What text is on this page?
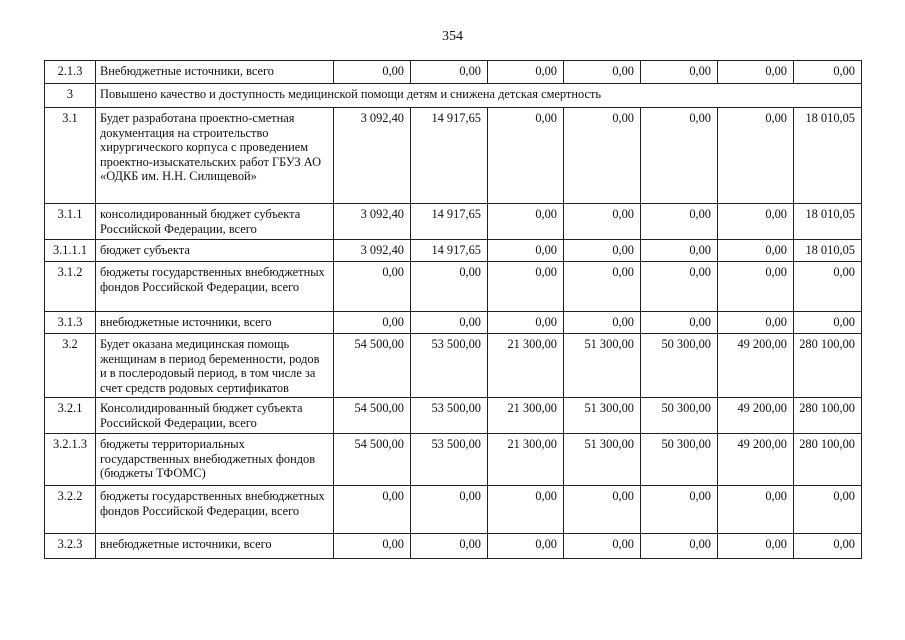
354
2.1.3	Внебюджетные источники, всего	0,00	0,00	0,00	0,00	0,00	0,00	0,00
3	Повышено качество и доступность медицинской помощи детям и снижена детская смертность							
3.1	Будет разработана проектно-сметная документация на строительство хирургического корпуса с проведением проектно-изыскательских работ ГБУЗ АО «ОДКБ им. Н.Н. Силищевой»	3 092,40	14 917,65	0,00	0,00	0,00	0,00	18 010,05
3.1.1	консолидированный бюджет субъекта Российской Федерации, всего	3 092,40	14 917,65	0,00	0,00	0,00	0,00	18 010,05
3.1.1.1	бюджет субъекта	3 092,40	14 917,65	0,00	0,00	0,00	0,00	18 010,05
3.1.2	бюджеты государственных внебюджетных фондов Российской Федерации, всего	0,00	0,00	0,00	0,00	0,00	0,00	0,00
3.1.3	внебюджетные источники, всего	0,00	0,00	0,00	0,00	0,00	0,00	0,00
3.2	Будет оказана медицинская помощь женщинам в период беременности, родов и в послеродовый период, в том числе за счет средств родовых сертификатов	54 500,00	53 500,00	21 300,00	51 300,00	50 300,00	49 200,00	280 100,00
3.2.1	Консолидированный бюджет субъекта Российской Федерации, всего	54 500,00	53 500,00	21 300,00	51 300,00	50 300,00	49 200,00	280 100,00
3.2.1.3	бюджеты территориальных государственных внебюджетных фондов (бюджеты ТФОМС)	54 500,00	53 500,00	21 300,00	51 300,00	50 300,00	49 200,00	280 100,00
3.2.2	бюджеты государственных внебюджетных фондов Российской Федерации, всего	0,00	0,00	0,00	0,00	0,00	0,00	0,00
3.2.3	внебюджетные источники, всего	0,00	0,00	0,00	0,00	0,00	0,00	0,00
